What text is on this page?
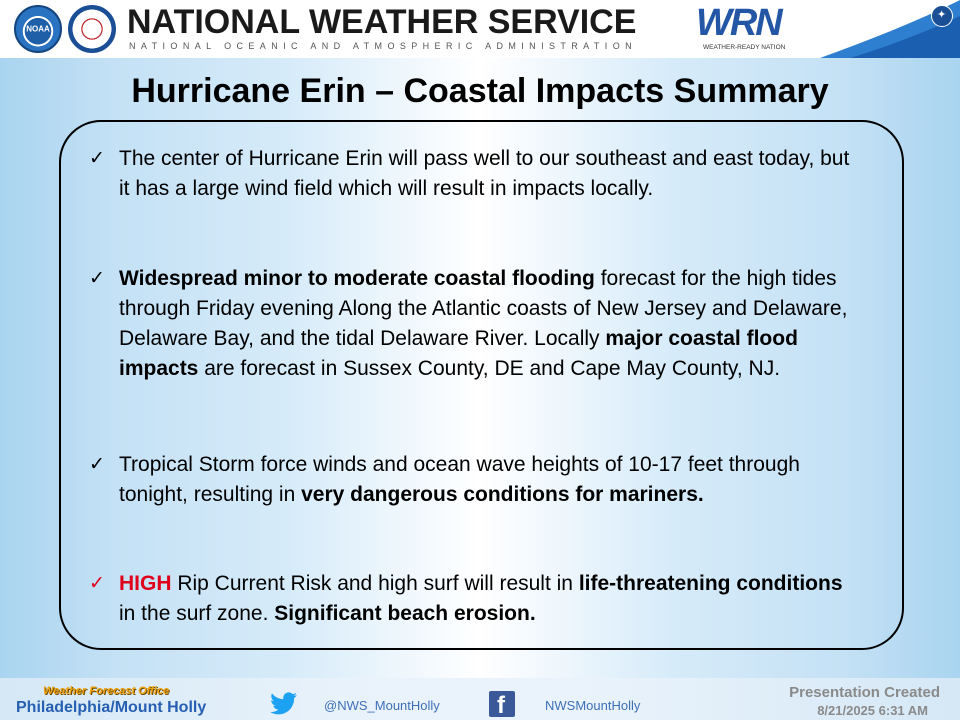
NOAA NATIONAL WEATHER SERVICE
NATIONAL OCEANIC AND ATMOSPHERIC ADMINISTRATION
WRN
WEATHER-READY NATION
✦
Hurricane Erin – Coastal Impacts Summary
✓ The center of Hurricane Erin will pass well to our southeast and east today, but it has a large wind field which will result in impacts locally.
✓ Widespread minor to moderate coastal flooding forecast for the high tides through Friday evening Along the Atlantic coasts of New Jersey and Delaware, Delaware Bay, and the tidal Delaware River. Locally major coastal flood impacts are forecast in Sussex County, DE and Cape May County, NJ.
✓ Tropical Storm force winds and ocean wave heights of 10-17 feet through tonight, resulting in very dangerous conditions for mariners.
✓ HIGH Rip Current Risk and high surf will result in life-threatening conditions in the surf zone. Significant beach erosion.
Weather Forecast Office
Philadelphia/Mount Holly	@NWS_MountHolly f	NWSMountHolly
Presentation Created
8/21/2025 6:31 AM
